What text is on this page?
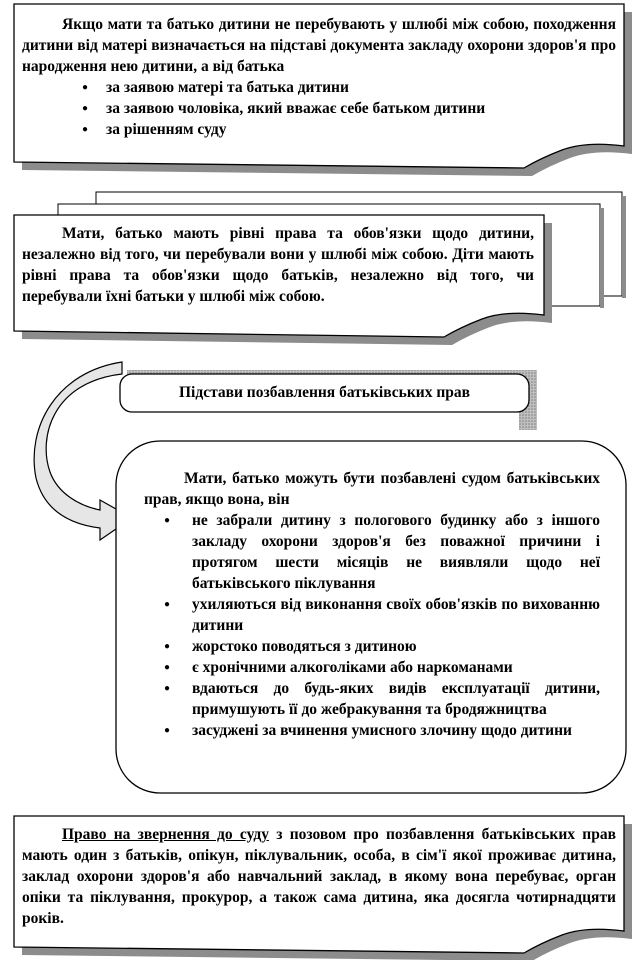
Якщо мати та батько дитини не перебувають у шлюбі між собою, походження дитини від матері визначається на підставі документа закладу охорони здоров'я про народження нею дитини, а від батька
● за заявою матері та батька дитини
● за заявою чоловіка, який вважає себе батьком дитини
● за рішенням суду
Мати, батько мають рівні права та обов'язки щодо дитини, незалежно від того, чи перебували вони у шлюбі між собою. Діти мають рівні права та обов'язки щодо батьків, незалежно від того, чи перебували їхні батьки у шлюбі між собою.
Підстави позбавлення батьківських прав
Мати, батько можуть бути позбавлені судом батьківських прав, якщо вона, він
● не забрали дитину з пологового будинку або з іншого закладу охорони здоров'я без поважної причини і протягом шести місяців не виявляли щодо неї батьківського піклування
● ухиляються від виконання своїх обов'язків по вихованню дитини
● жорстоко поводяться з дитиною
● є хронічними алкоголіками або наркоманами
● вдаються до будь-яких видів експлуатації дитини, примушують її до жебракування та бродяжництва
● засуджені за вчинення умисного злочину щодо дитини
Право на звернення до суду з позовом про позбавлення батьківських прав мають один з батьків, опікун, піклувальник, особа, в сім'ї якої проживає дитина, заклад охорони здоров'я або навчальний заклад, в якому вона перебуває, орган опіки та піклування, прокурор, а також сама дитина, яка досягла чотирнадцяти років.
